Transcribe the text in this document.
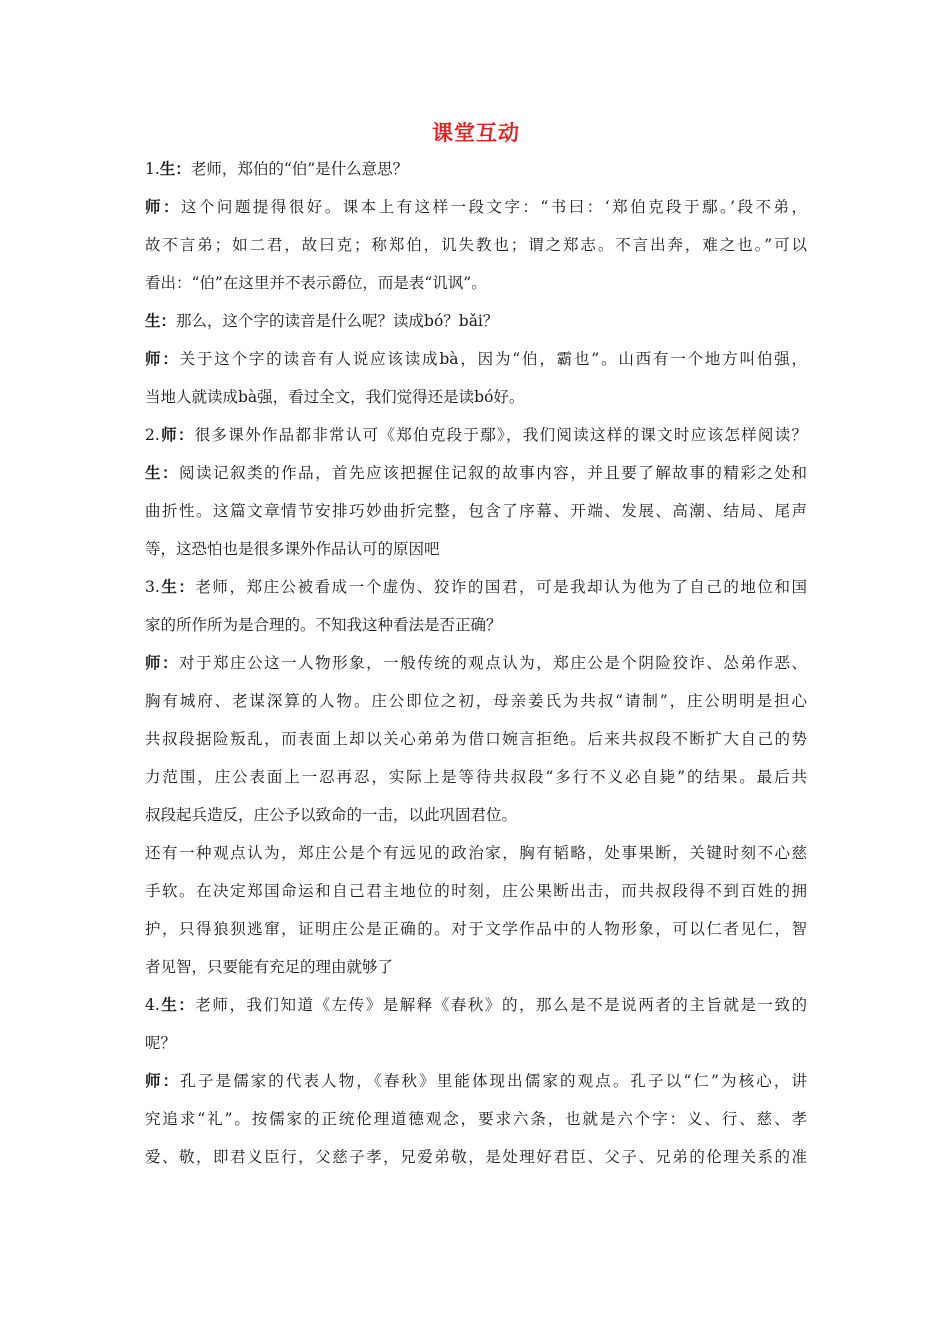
课堂互动
1.生：老师，郑伯的“伯”是什么意思？
师：这个问题提得很好。课本上有这样一段文字：“书曰：‘郑伯克段于鄢。’段不弟，
故不言弟；如二君，故曰克；称郑伯，讥失教也；谓之郑志。不言出奔，难之也。”可以
看出：“伯”在这里并不表示爵位，而是表“讥讽”。
生：那么，这个字的读音是什么呢？读成bó？bǎi？
师：关于这个字的读音有人说应该读成bà，因为“伯，霸也”。山西有一个地方叫伯强，
当地人就读成bà强，看过全文，我们觉得还是读bó好。
2.师：很多课外作品都非常认可《郑伯克段于鄢》，我们阅读这样的课文时应该怎样阅读？
生：阅读记叙类的作品，首先应该把握住记叙的故事内容，并且要了解故事的精彩之处和
曲折性。这篇文章情节安排巧妙曲折完整，包含了序幕、开端、发展、高潮、结局、尾声
等，这恐怕也是很多课外作品认可的原因吧
3.生：老师，郑庄公被看成一个虚伪、狡诈的国君，可是我却认为他为了自己的地位和国
家的所作所为是合理的。不知我这种看法是否正确？
师：对于郑庄公这一人物形象，一般传统的观点认为，郑庄公是个阴险狡诈、怂弟作恶、
胸有城府、老谋深算的人物。庄公即位之初，母亲姜氏为共叔“请制”，庄公明明是担心
共叔段据险叛乱，而表面上却以关心弟弟为借口婉言拒绝。后来共叔段不断扩大自己的势
力范围，庄公表面上一忍再忍，实际上是等待共叔段“多行不义必自毙”的结果。最后共
叔段起兵造反，庄公予以致命的一击，以此巩固君位。
还有一种观点认为，郑庄公是个有远见的政治家，胸有韬略，处事果断，关键时刻不心慈
手软。在决定郑国命运和自己君主地位的时刻，庄公果断出击，而共叔段得不到百姓的拥
护，只得狼狈逃窜，证明庄公是正确的。对于文学作品中的人物形象，可以仁者见仁，智
者见智，只要能有充足的理由就够了
4.生：老师，我们知道《左传》是解释《春秋》的，那么是不是说两者的主旨就是一致的
呢？
师：孔子是儒家的代表人物，《春秋》里能体现出儒家的观点。孔子以“仁”为核心，讲
究追求“礼”。按儒家的正统伦理道德观念，要求六条，也就是六个字：义、行、慈、孝
爱、敬，即君义臣行，父慈子孝，兄爱弟敬，是处理好君臣、父子、兄弟的伦理关系的准
